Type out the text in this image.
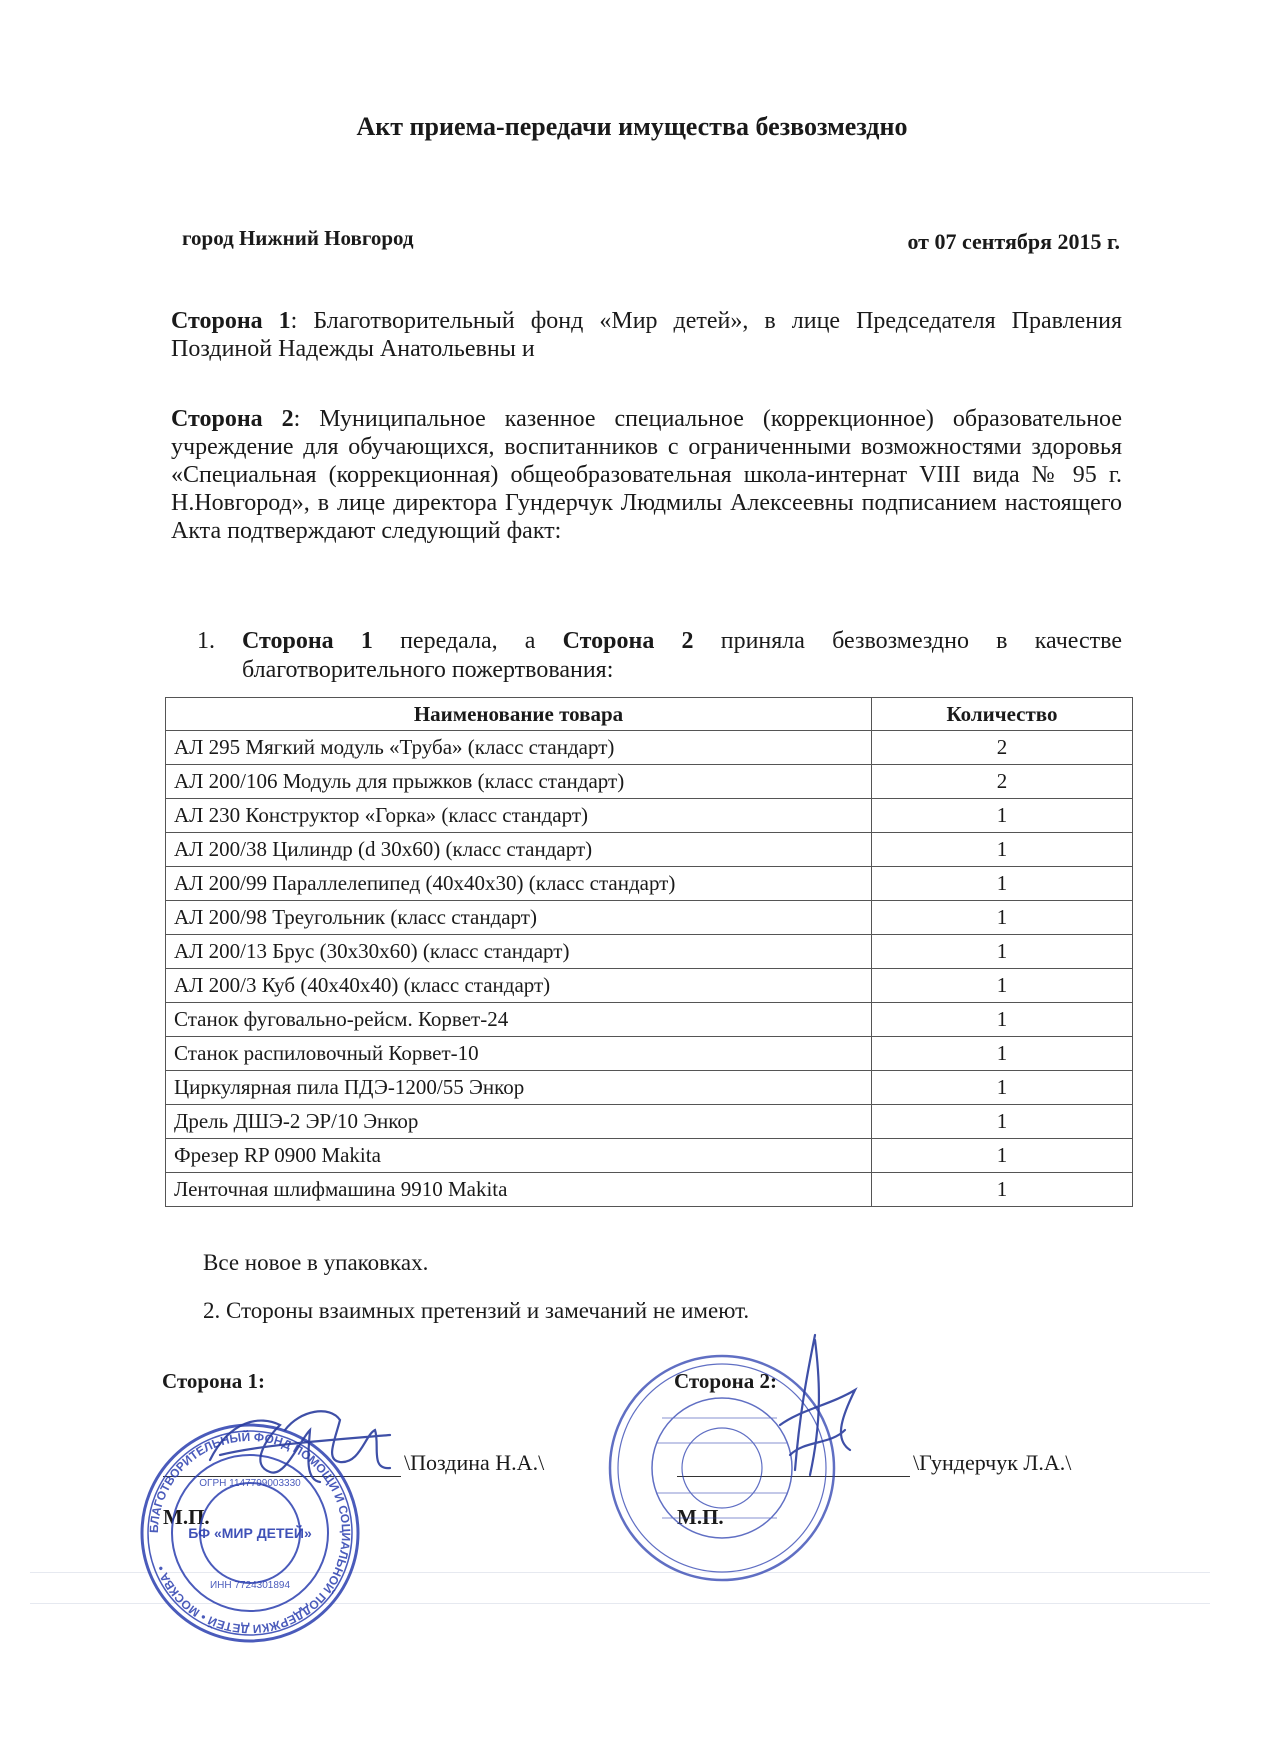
Акт приема-передачи имущества безвозмездно
город Нижний Новгород	от 07 сентября 2015 г.
Сторона 1: Благотворительный фонд «Мир детей», в лице Председателя Правления Поздиной Надежды Анатольевны и
Сторона 2: Муниципальное казенное специальное (коррекционное) образовательное учреждение для обучающихся, воспитанников с ограниченными возможностями здоровья «Специальная (коррекционная) общеобразовательная школа-интернат VIII вида № 95 г. Н.Новгород», в лице директора Гундерчук Людмилы Алексеевны подписанием настоящего Акта подтверждают следующий факт:
1. Сторона 1 передала, а Сторона 2 приняла безвозмездно в качестве благотворительного пожертвования:
Наименование товара	Количество
АЛ 295 Мягкий модуль «Труба» (класс стандарт)	2
АЛ 200/106 Модуль для прыжков (класс стандарт)	2
АЛ 230 Конструктор «Горка» (класс стандарт)	1
АЛ 200/38 Цилиндр (d 30x60) (класс стандарт)	1
АЛ 200/99 Параллелепипед (40х40х30) (класс стандарт)	1
АЛ 200/98 Треугольник (класс стандарт)	1
АЛ 200/13 Брус (30х30х60) (класс стандарт)	1
АЛ 200/3 Куб (40х40х40) (класс стандарт)	1
Станок фуговально-рейсм. Корвет-24	1
Станок распиловочный Корвет-10	1
Циркулярная пила ПДЭ-1200/55 Энкор	1
Дрель ДШЭ-2 ЭР/10 Энкор	1
Фрезер RP 0900 Makita	1
Ленточная шлифмашина 9910 Makita	1
Все новое в упаковках.
2. Стороны взаимных претензий и замечаний не имеют.
Сторона 1:	Сторона 2:
\Поздина Н.А.\	\Гундерчук Л.А.\
М.П.	М.П.
БЛАГОТВОРИТЕЛЬНЫЙ ФОНД ПОМОЩИ И СОЦИАЛЬНОЙ ПОДДЕРЖКИ ДЕТЕЙ • МОСКВА •
ОГРН 1147799003330
БФ «МИР ДЕТЕЙ»
ИНН 7724301894
